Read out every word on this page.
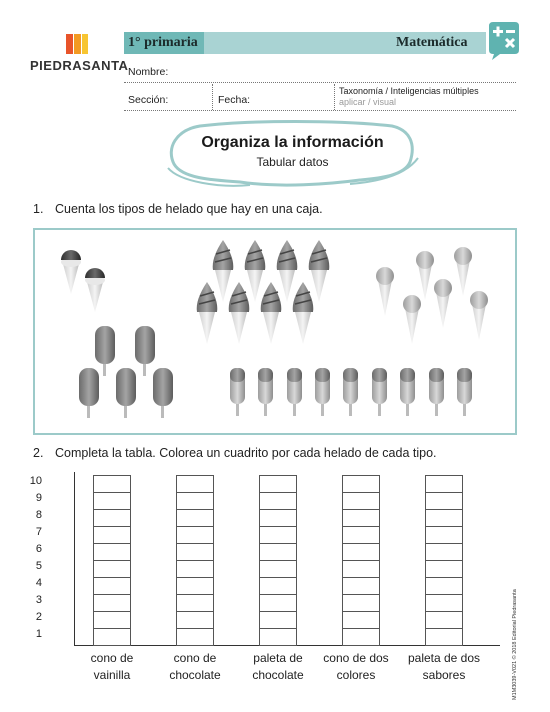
PIEDRASANTA
1° primaria	Matemática
Nombre:
Sección:	Fecha:
Taxonomía / Inteligencias múltiples
aplicar / visual
Organiza la información
Tabular datos
1. Cuenta los tipos de helado que hay en una caja.
2. Completa la tabla. Colorea un cuadrito por cada helado de cada tipo.
10
9
8
7
6
5
4
3
2
1
cono de
vainilla
cono de
chocolate
paleta de
chocolate
cono de dos
colores
paleta de dos
sabores	M1M3039-V021 © 2018 Editorial Piedrasanta
